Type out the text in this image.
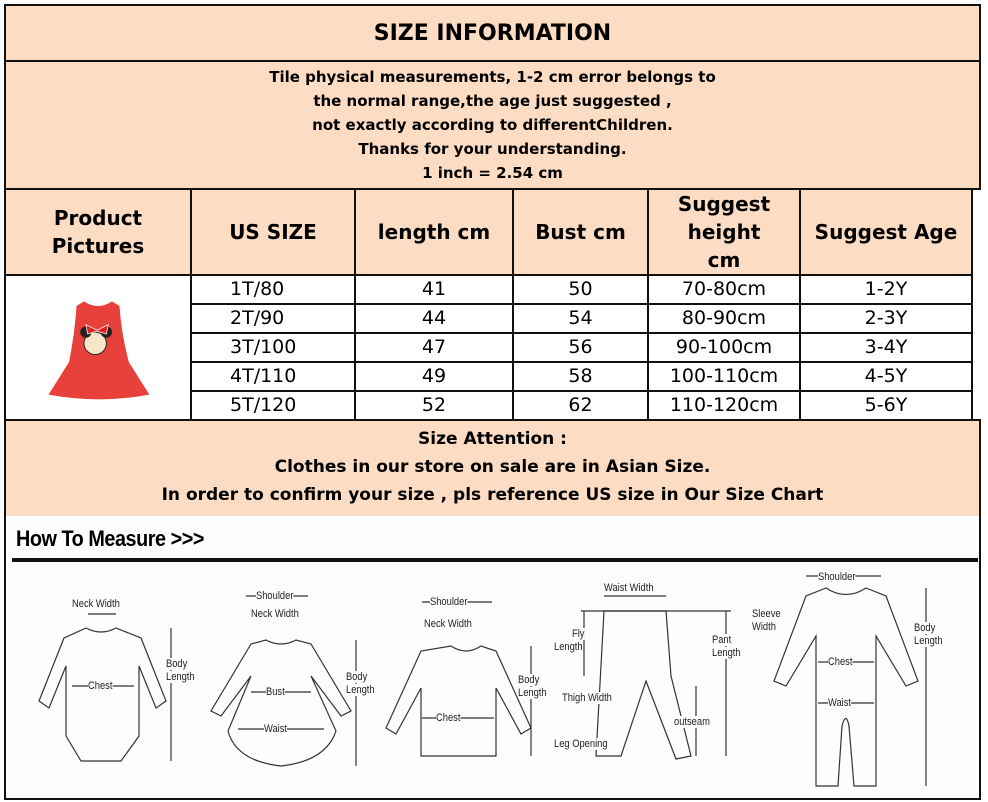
SIZE INFORMATION
Tile physical measurements, 1-2 cm error belongs to
the normal range,the age just suggested ,
not exactly according to differentChildren.
Thanks for your understanding.
1 inch = 2.54 cm
Product Pictures	US SIZE	length cm	Bust cm	Suggest height cm	Suggest Age

	1T/80	41	50	70-80cm	1-2Y
	2T/90	44	54	80-90cm	2-3Y
	3T/100	47	56	90-100cm	3-4Y
	4T/110	49	58	100-110cm	4-5Y
	5T/120	52	62	110-120cm	5-6Y
Size Attention :
Clothes in our store on sale are in Asian Size.
In order to confirm your size , pls reference US size in Our Size Chart
How To Measure >>>
Neck Width
Chest
Body
Length
Shoulder
Neck Width
Bust
Waist
Body
Length
Shoulder
Neck Width
Chest
Body
Length
Waist Width
Fly
Length
Pant
Length
Thigh Width
outseam
Leg Opening
Shoulder
Sleeve
Width
Chest
Waist
Body
Length
